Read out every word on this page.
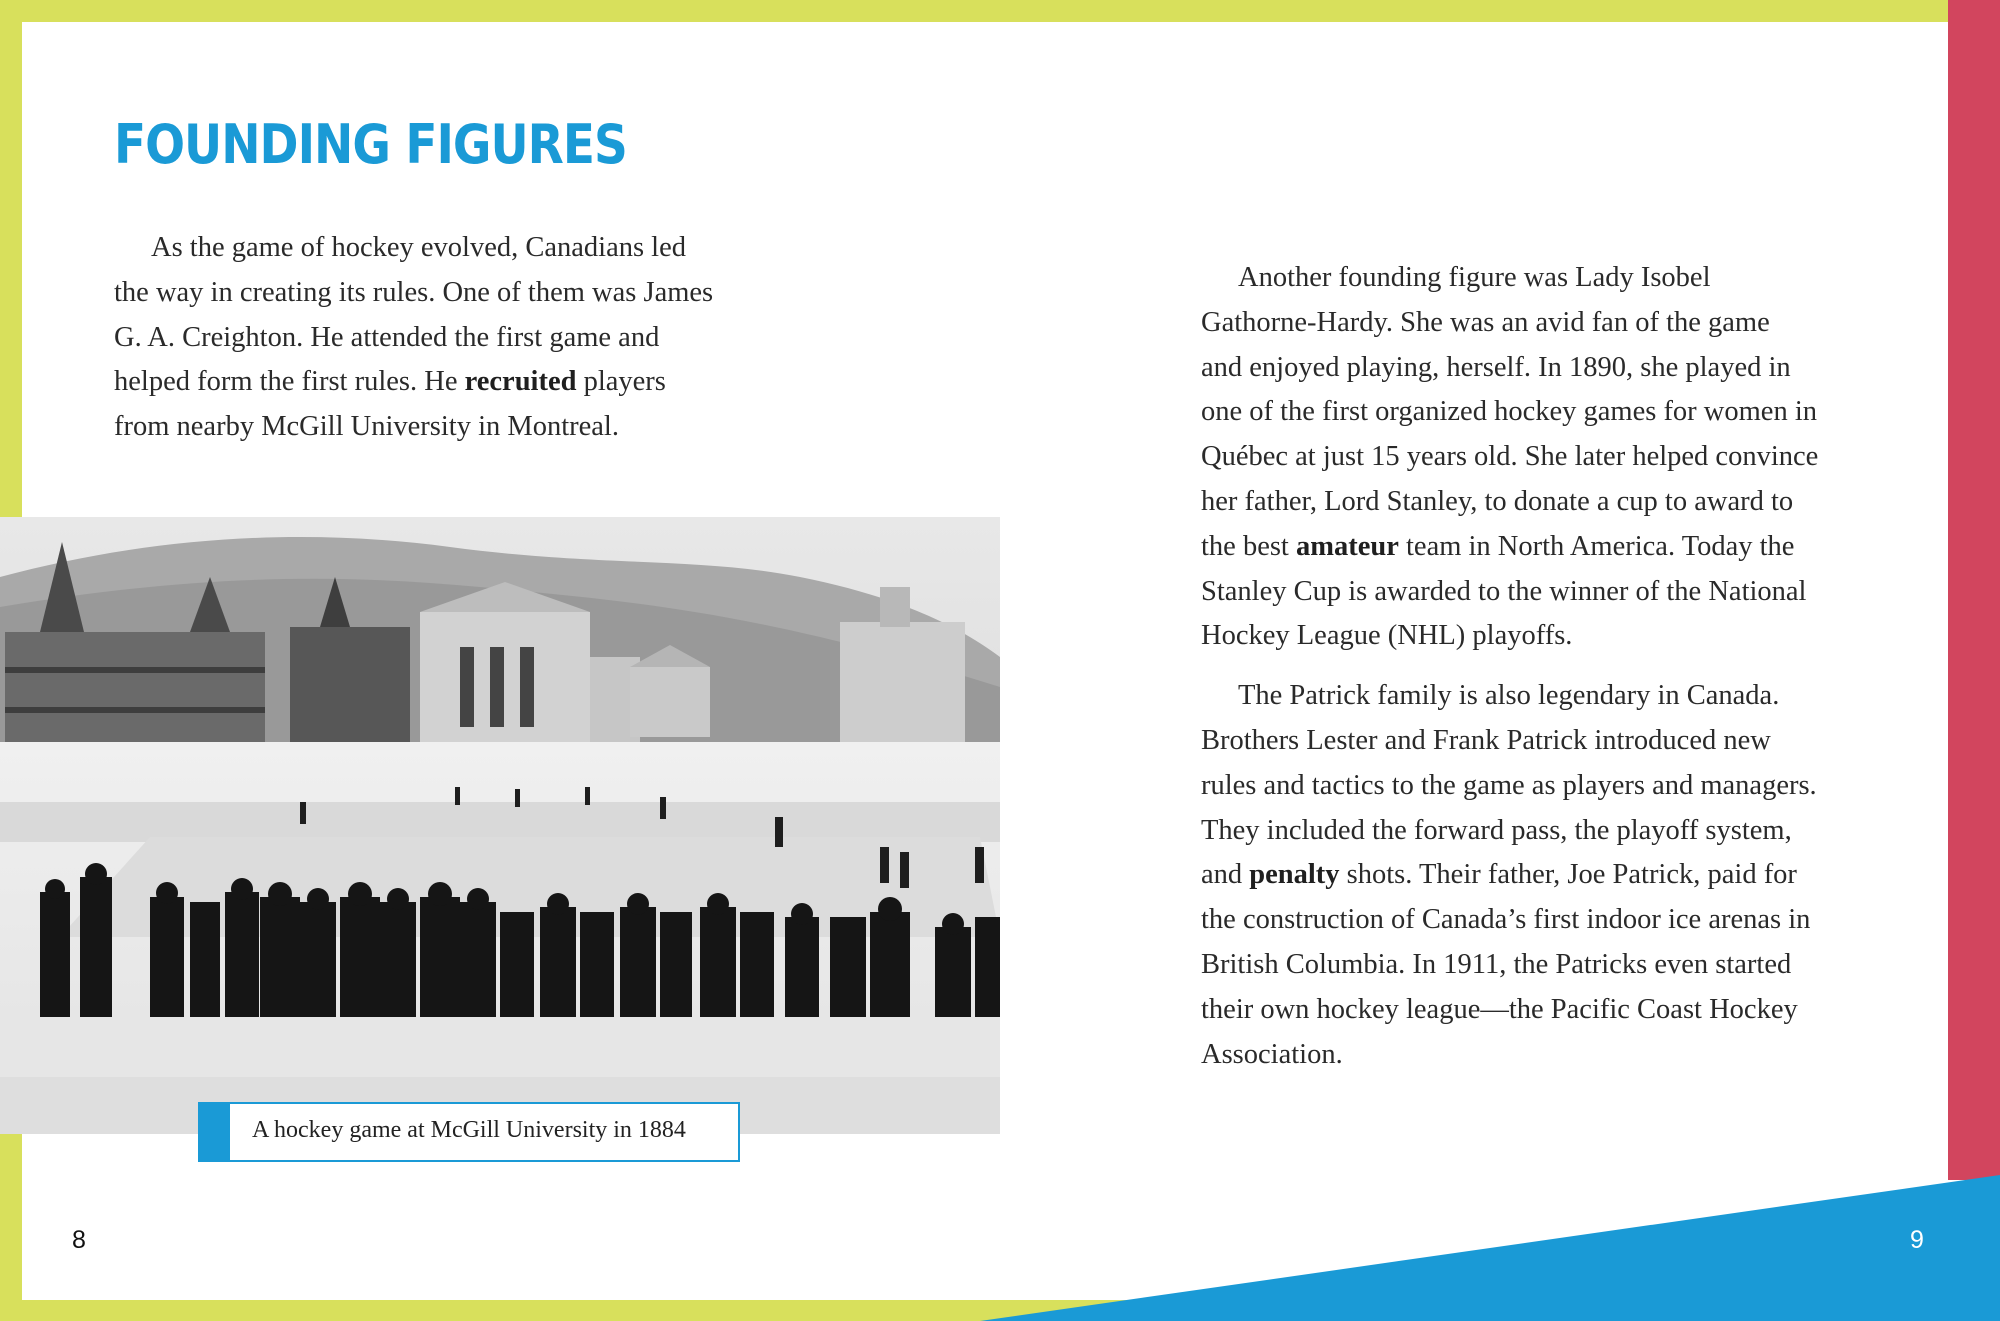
FOUNDING FIGURES
As the game of hockey evolved, Canadians led
the way in creating its rules. One of them was James
G. A. Creighton. He attended the first game and
helped form the first rules. He recruited players
from nearby McGill University in Montreal.
A hockey game at McGill University in 1884
Another founding figure was Lady Isobel
Gathorne-Hardy. She was an avid fan of the game
and enjoyed playing, herself. In 1890, she played in
one of the first organized hockey games for women in
Québec at just 15 years old. She later helped convince
her father, Lord Stanley, to donate a cup to award to
the best amateur team in North America. Today the
Stanley Cup is awarded to the winner of the National
Hockey League (NHL) playoffs.
The Patrick family is also legendary in Canada.
Brothers Lester and Frank Patrick introduced new
rules and tactics to the game as players and managers.
They included the forward pass, the playoff system,
and penalty shots. Their father, Joe Patrick, paid for
the construction of Canada’s first indoor ice arenas in
British Columbia. In 1911, the Patricks even started
their own hockey league—the Pacific Coast Hockey
Association.
8	9
